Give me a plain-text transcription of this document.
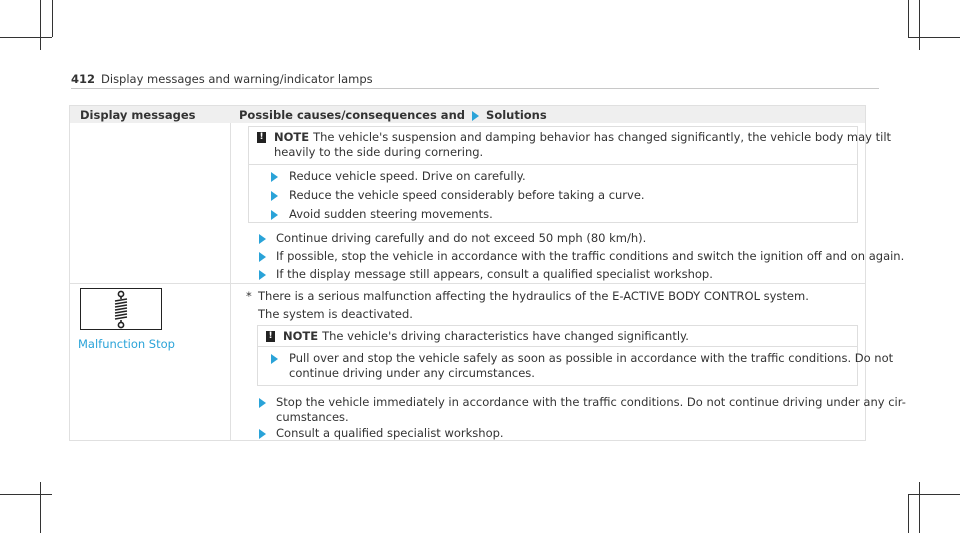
412 Display messages and warning/indicator lamps
Display messages	Possible causes/consequences and Solutions
! NOTE The vehicle's suspension and damping behavior has changed significantly, the vehicle body may tilt
heavily to the side during cornering.
Reduce vehicle speed. Drive on carefully.
Reduce the vehicle speed considerably before taking a curve.
Avoid sudden steering movements.
Continue driving carefully and do not exceed 50 mph (80 km/h).
If possible, stop the vehicle in accordance with the traffic conditions and switch the ignition off and on again.
If the display message still appears, consult a qualified specialist workshop.
Malfunction Stop
* There is a serious malfunction affecting the hydraulics of the E-ACTIVE BODY CONTROL system.
The system is deactivated.
! NOTE The vehicle's driving characteristics have changed significantly.
Pull over and stop the vehicle safely as soon as possible in accordance with the traffic conditions. Do not
continue driving under any circumstances.
Stop the vehicle immediately in accordance with the traffic conditions. Do not continue driving under any cir-
cumstances.
Consult a qualified specialist workshop.
